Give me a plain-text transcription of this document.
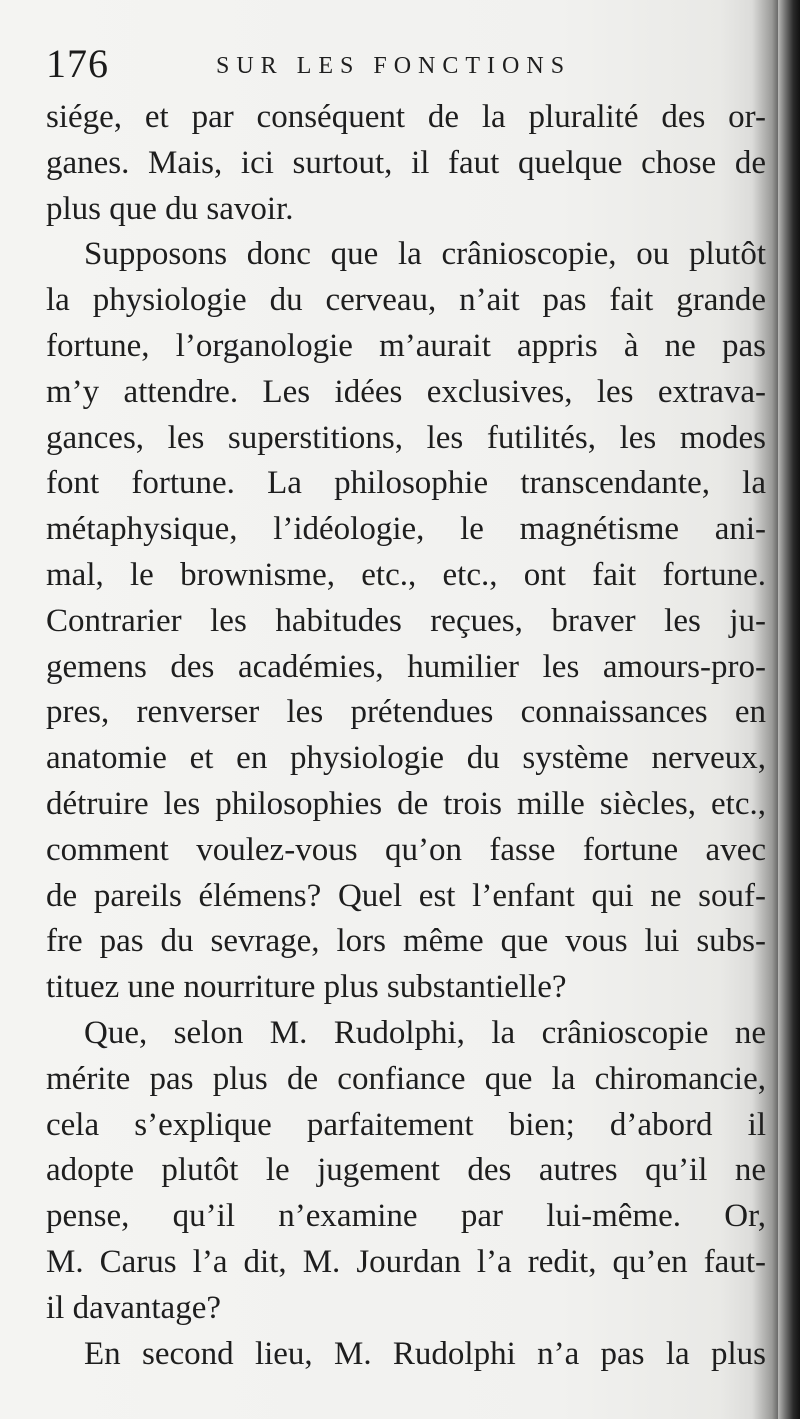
176	SUR LES FONCTIONS
siége, et par conséquent de la pluralité des or-
ganes. Mais, ici surtout, il faut quelque chose de
plus que du savoir.
Supposons donc que la crânioscopie, ou plutôt
la physiologie du cerveau, n’ait pas fait grande
fortune, l’organologie m’aurait appris à ne pas
m’y attendre. Les idées exclusives, les extrava-
gances, les superstitions, les futilités, les modes
font fortune. La philosophie transcendante, la
métaphysique, l’idéologie, le magnétisme ani-
mal, le brownisme, etc., etc., ont fait fortune.
Contrarier les habitudes reçues, braver les ju-
gemens des académies, humilier les amours-pro-
pres, renverser les prétendues connaissances en
anatomie et en physiologie du système nerveux,
détruire les philosophies de trois mille siècles, etc.,
comment voulez-vous qu’on fasse fortune avec
de pareils élémens? Quel est l’enfant qui ne souf-
fre pas du sevrage, lors même que vous lui subs-
tituez une nourriture plus substantielle?
Que, selon M. Rudolphi, la crânioscopie ne
mérite pas plus de confiance que la chiromancie,
cela s’explique parfaitement bien; d’abord il
adopte plutôt le jugement des autres qu’il ne
pense, qu’il n’examine par lui-même. Or,
M. Carus l’a dit, M. Jourdan l’a redit, qu’en faut-
il davantage?
En second lieu, M. Rudolphi n’a pas la plus
